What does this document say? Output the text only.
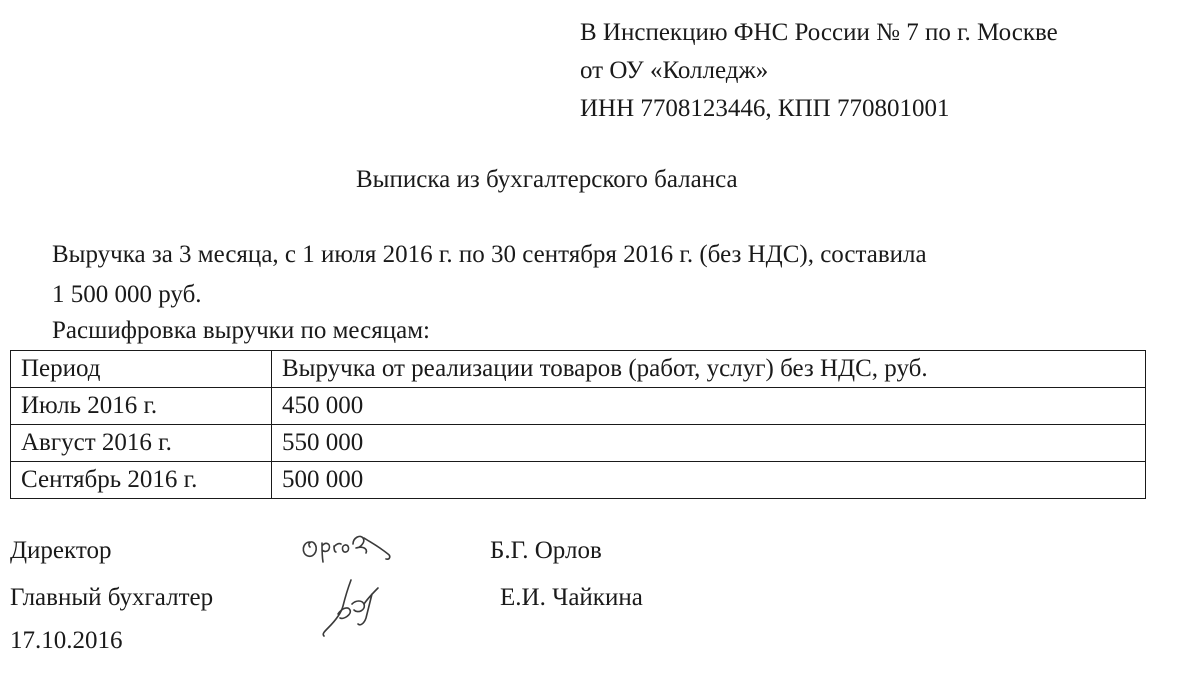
В Инспекцию ФНС России № 7 по г. Москве
от ОУ «Колледж»
ИНН 7708123446, КПП 770801001
Выписка из бухгалтерского баланса
Выручка за 3 месяца, с 1 июля 2016 г. по 30 сентября 2016 г. (без НДС), составила
1 500 000 руб.
Расшифровка выручки по месяцам:
Период	Выручка от реализации товаров (работ, услуг) без НДС, руб.
Июль 2016 г.	450 000
Август 2016 г.	550 000
Сентябрь 2016 г.	500 000
Директор	Б.Г. Орлов
Главный бухгалтер	Е.И. Чайкина
17.10.2016
